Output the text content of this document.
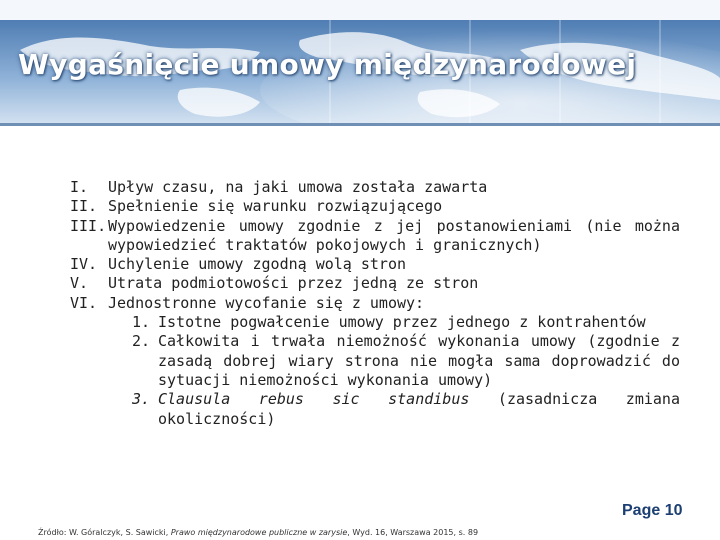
Wygaśnięcie umowy międzynarodowej
I.	Upływ czasu, na jaki umowa została zawarta
II. Spełnienie się warunku rozwiązującego
III. Wypowiedzenie umowy zgodnie z jej postanowieniami (nie można wypowiedzieć traktatów pokojowych i granicznych)
IV. Uchylenie umowy zgodną wolą stron
V.	Utrata podmiotowości przez jedną ze stron
VI. Jednostronne wycofanie się z umowy:
1. Istotne pogwałcenie umowy przez jednego z kontrahentów
2. Całkowita i trwała niemożność wykonania umowy (zgodnie z zasadą dobrej wiary strona nie mogła sama doprowadzić do sytuacji niemożności wykonania umowy)
3. Clausula rebus sic standibus (zasadnicza zmiana okoliczności)
Page 10
Źródło: W. Góralczyk, S. Sawicki, Prawo międzynarodowe publiczne w zarysie, Wyd. 16, Warszawa 2015, s. 89
